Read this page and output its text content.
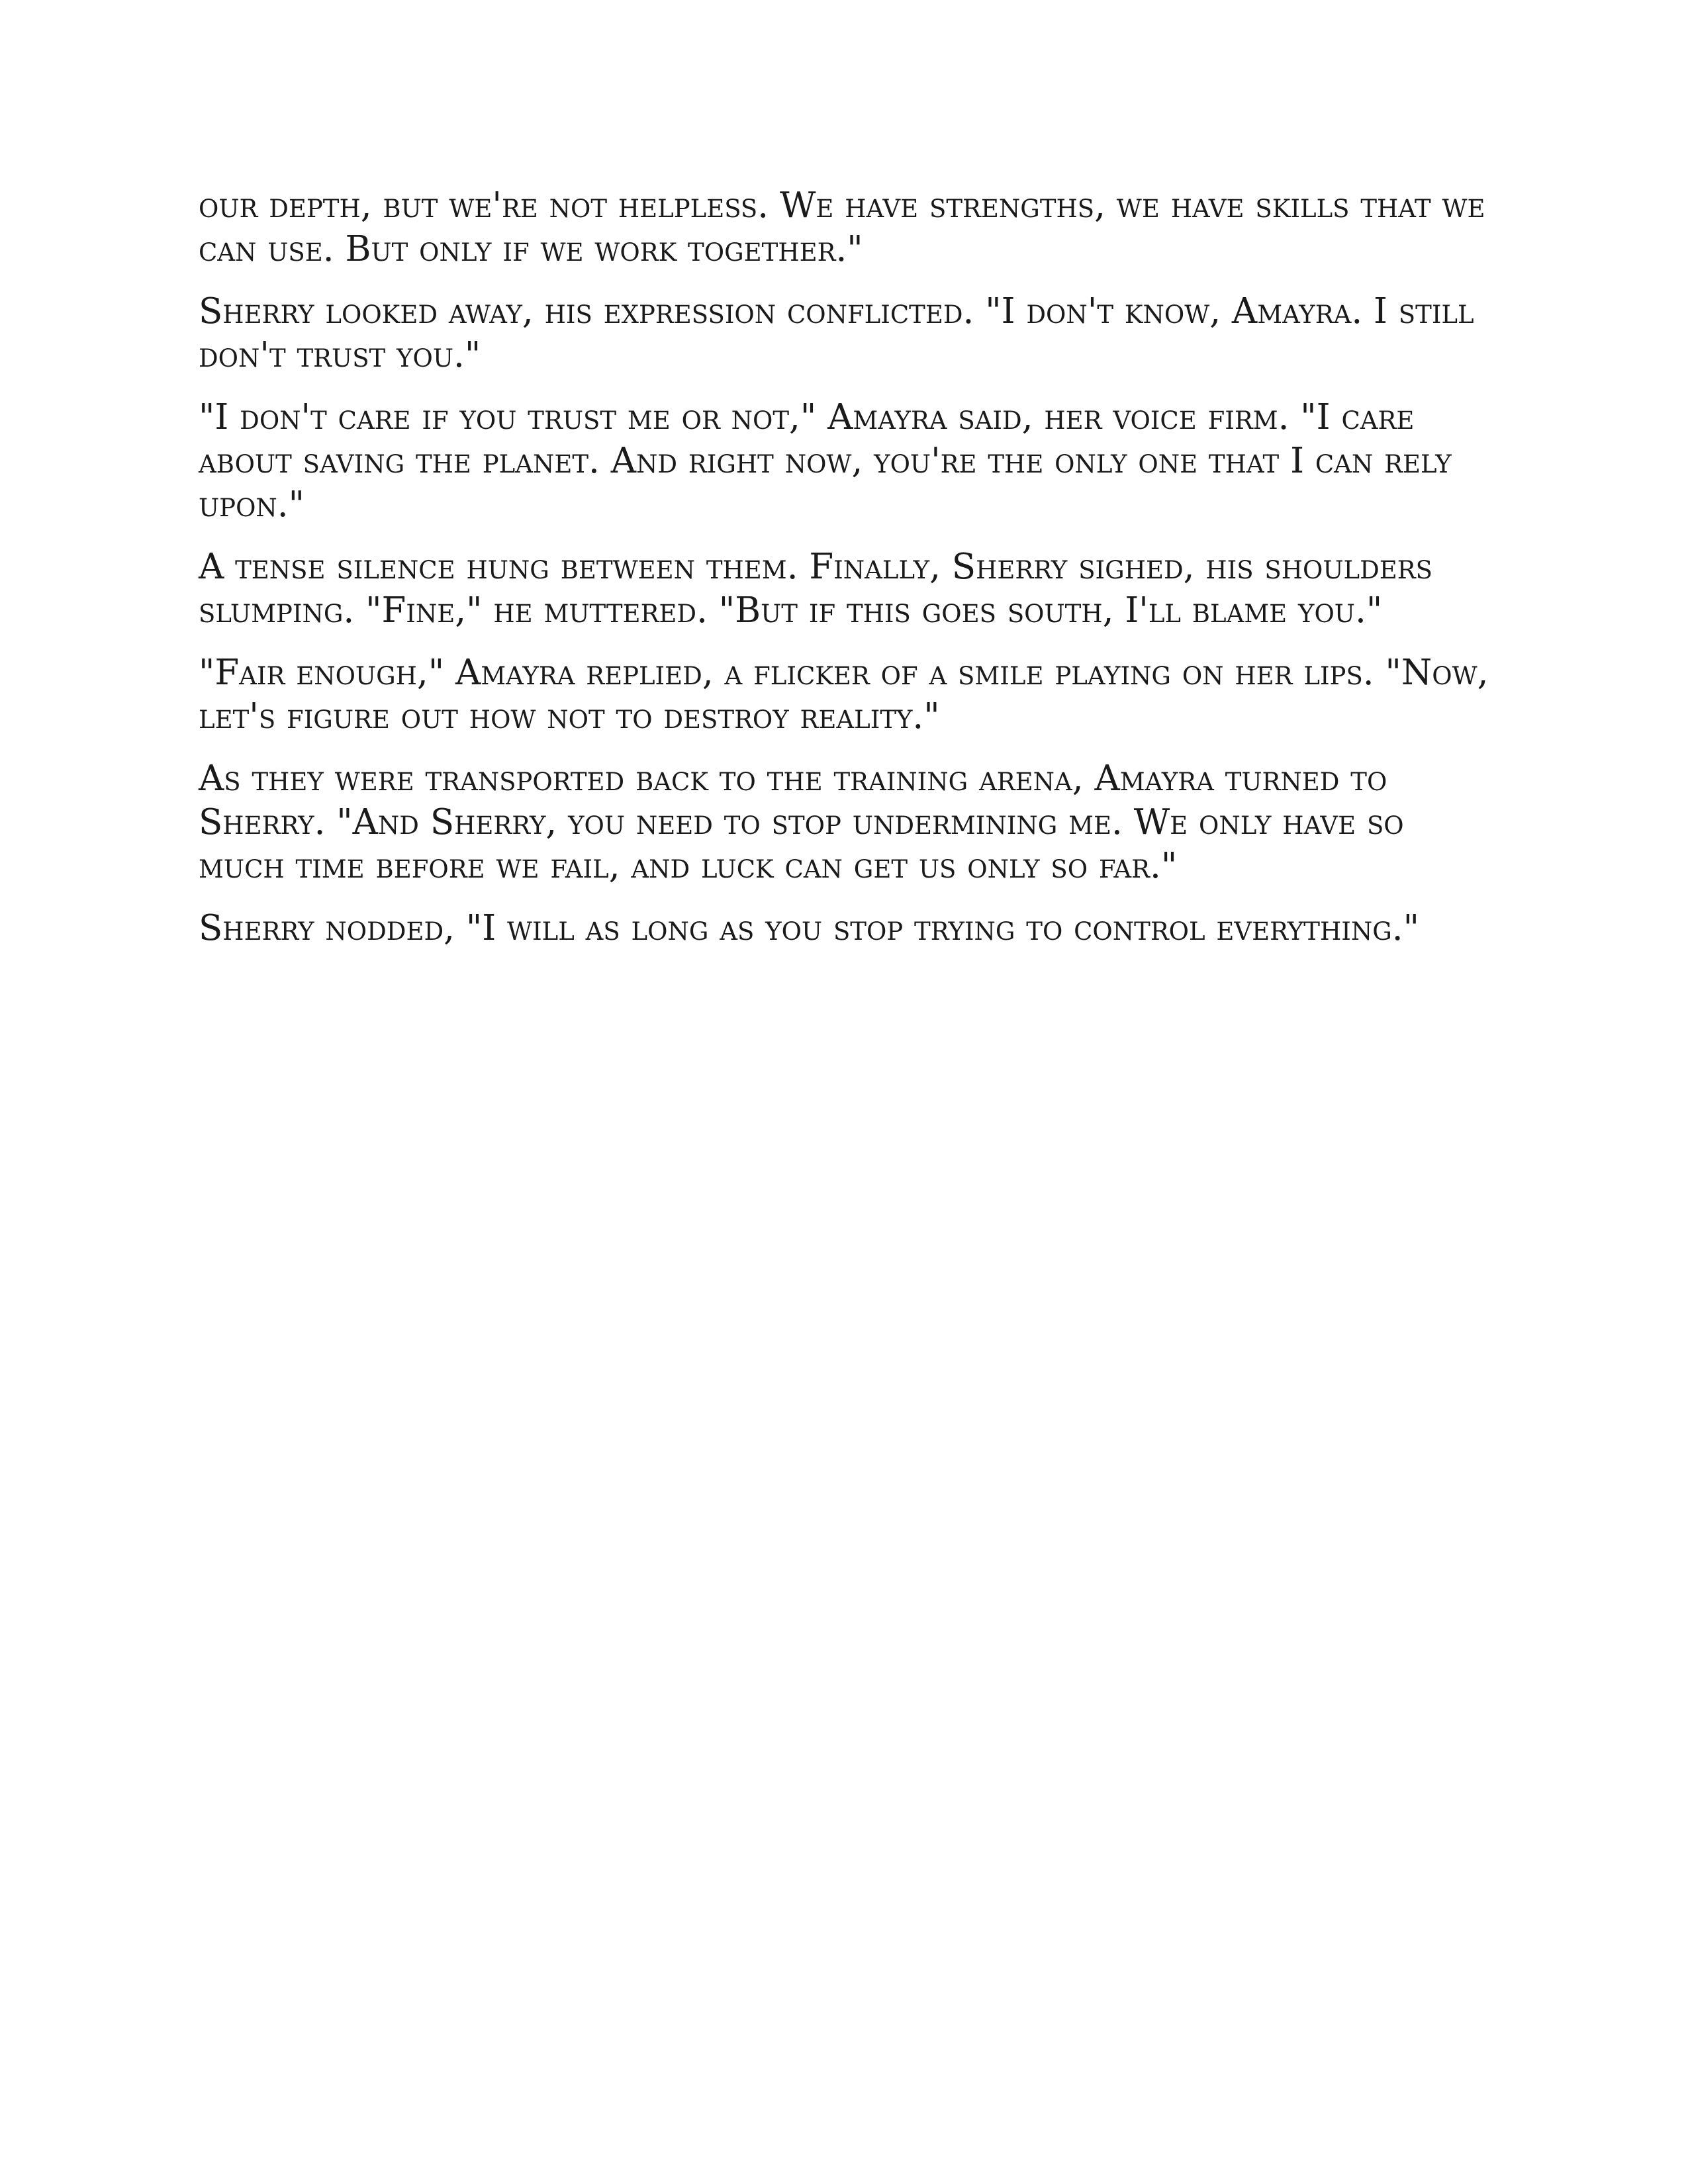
our depth, but we're not helpless. We have strengths, we have skills that we can use. But only if we work together."

Sherry looked away, his expression conflicted. "I don't know, Amayra. I still don't trust you."

"I don't care if you trust me or not," Amayra said, her voice firm. "I care about saving the planet. And right now, you're the only one that I can rely upon."

A tense silence hung between them. Finally, Sherry sighed, his shoulders slumping. "Fine," he muttered. "But if this goes south, I'll blame you."

"Fair enough," Amayra replied, a flicker of a smile playing on her lips. "Now, let's figure out how not to destroy reality."

As they were transported back to the training arena, Amayra turned to Sherry. "And Sherry, you need to stop undermining me. We only have so much time before we fail, and luck can get us only so far."

Sherry nodded, "I will as long as you stop trying to control everything."
